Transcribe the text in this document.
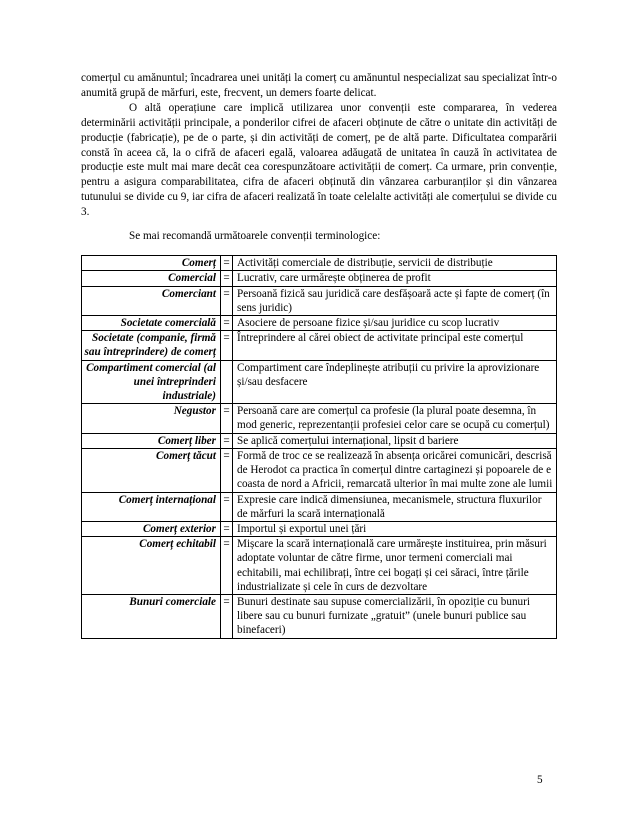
comerțul cu amănuntul; încadrarea unei unități la comerț cu amănuntul nespecializat sau specializat într-o anumită grupă de mărfuri, este, frecvent, un demers foarte delicat.

O altă operațiune care implică utilizarea unor convenții este compararea, în vederea determinării activității principale, a ponderilor cifrei de afaceri obținute de către o unitate din activități de producție (fabricație), pe de o parte, și din activități de comerț, pe de altă parte. Dificultatea comparării constă în aceea că, la o cifră de afaceri egală, valoarea adăugată de unitatea în cauză în activitatea de producție este mult mai mare decât cea corespunzătoare activității de comerț. Ca urmare, prin convenție, pentru a asigura comparabilitatea, cifra de afaceri obținută din vânzarea carburanților și din vânzarea tutunului se divide cu 9, iar cifra de afaceri realizată în toate celelalte activități ale comerțului se divide cu 3.

Se mai recomandă următoarele convenții terminologice:

Comerț	=	Activități comerciale de distribuție, servicii de distribuție
Comercial	=	Lucrativ, care urmărește obținerea de profit
Comerciant	=	Persoană fizică sau juridică care desfășoară acte și fapte de comerț (în sens juridic)
Societate comercială	=	Asociere de persoane fizice și/sau juridice cu scop lucrativ
Societate (companie, firmă sau întreprindere) de comerț	=	Întreprindere al cărei obiect de activitate principal este comerțul
Compartiment comercial (al unei întreprinderi industriale)		Compartiment care îndeplinește atribuții cu privire la aprovizionare și/sau desfacere
Negustor	=	Persoană care are comerțul ca profesie (la plural poate desemna, în mod generic, reprezentanții profesiei celor care se ocupă cu comerțul)
Comerț liber	=	Se aplică comerțului internațional, lipsit d bariere
Comerț tăcut	=	Formă de troc ce se realizează în absența oricărei comunicări, descrisă de Herodot ca practica în comerțul dintre cartaginezi și popoarele de e coasta de nord a Africii, remarcată ulterior în mai multe zone ale lumii
Comerț internațional	=	Expresie care indică dimensiunea, mecanismele, structura fluxurilor de mărfuri la scară internațională
Comerț exterior	=	Importul și exportul unei țări
Comerț echitabil	=	Mișcare la scară internațională care urmărește instituirea, prin măsuri adoptate voluntar de către firme, unor termeni comerciali mai echitabili, mai echilibrați, între cei bogați și cei săraci, între țările industrializate și cele în curs de dezvoltare
Bunuri comerciale	=	Bunuri destinate sau supuse comercializării, în opoziție cu bunuri libere sau cu bunuri furnizate „gratuit” (unele bunuri publice sau binefaceri)
5
